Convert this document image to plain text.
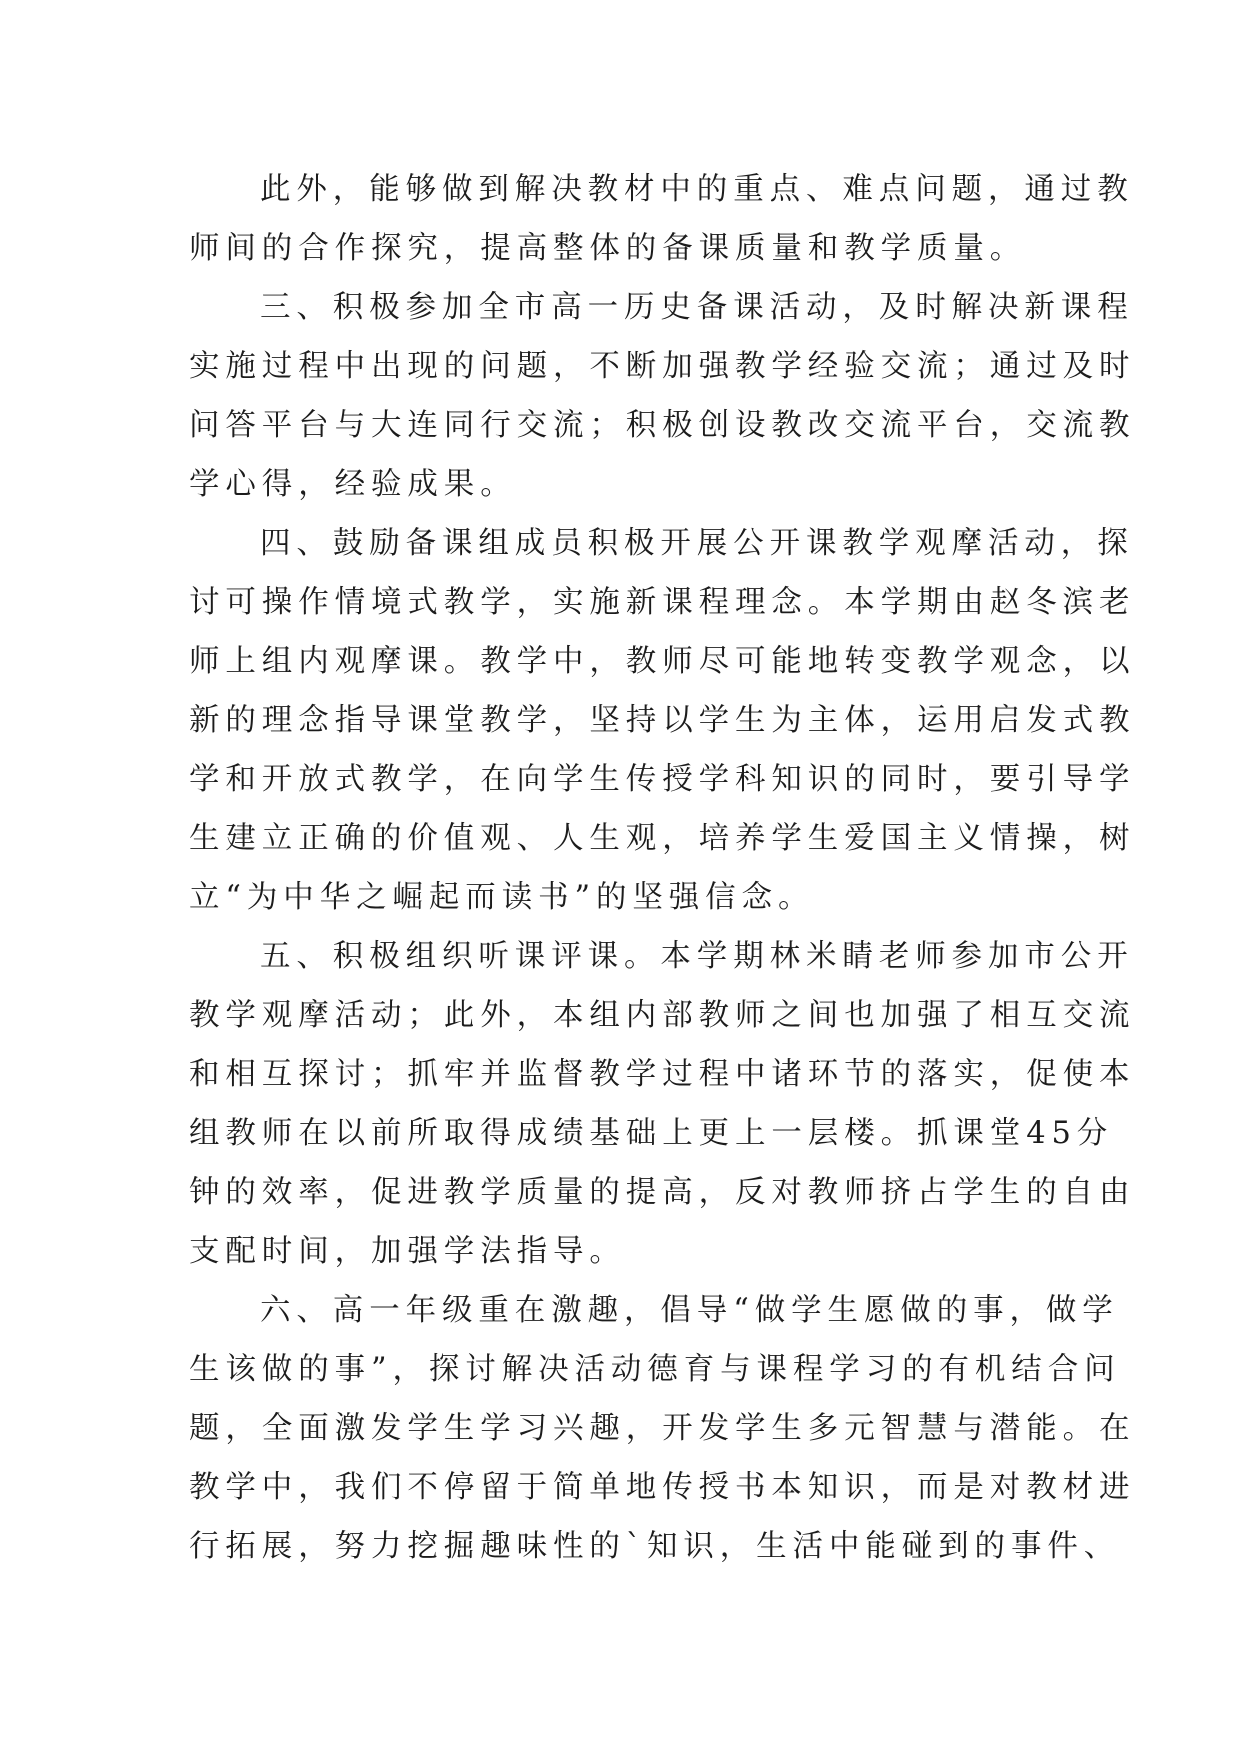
此外，能够做到解决教材中的重点、难点问题，通过教
师间的合作探究，提高整体的备课质量和教学质量。
三、积极参加全市高一历史备课活动，及时解决新课程
实施过程中出现的问题，不断加强教学经验交流；通过及时
问答平台与大连同行交流；积极创设教改交流平台，交流教
学心得，经验成果。
四、鼓励备课组成员积极开展公开课教学观摩活动，探
讨可操作情境式教学，实施新课程理念。本学期由赵冬滨老
师上组内观摩课。教学中，教师尽可能地转变教学观念，以
新的理念指导课堂教学，坚持以学生为主体，运用启发式教
学和开放式教学，在向学生传授学科知识的同时，要引导学
生建立正确的价值观、人生观，培养学生爱国主义情操，树
立“为中华之崛起而读书”的坚强信念。
五、积极组织听课评课。本学期林米睛老师参加市公开
教学观摩活动；此外，本组内部教师之间也加强了相互交流
和相互探讨；抓牢并监督教学过程中诸环节的落实，促使本
组教师在以前所取得成绩基础上更上一层楼。抓课堂45分
钟的效率，促进教学质量的提高，反对教师挤占学生的自由
支配时间，加强学法指导。
六、高一年级重在激趣，倡导“做学生愿做的事，做学
生该做的事”，探讨解决活动德育与课程学习的有机结合问
题，全面激发学生学习兴趣，开发学生多元智慧与潜能。在
教学中，我们不停留于简单地传授书本知识，而是对教材进
行拓展，努力挖掘趣味性的`知识，生活中能碰到的事件、
